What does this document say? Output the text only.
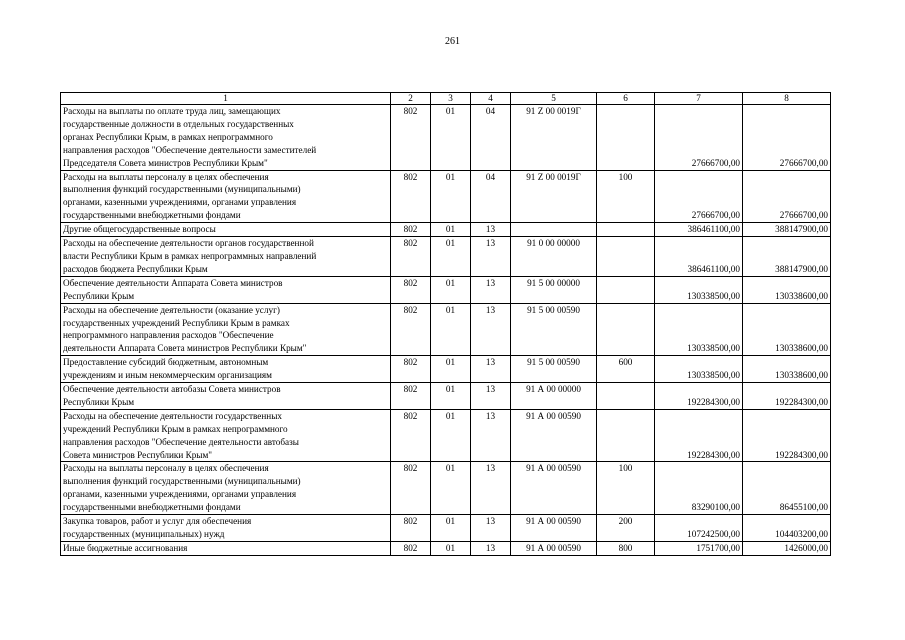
261
1	2	3	4	5	6	7	8

Расходы на выплаты по оплате труда лиц, замещающих
государственные должности в отдельных государственных
органах Республики Крым, в рамках непрограммного
направления расходов "Обеспечение деятельности заместителей
Председателя Совета министров Республики Крым"	802	01	04	91 Z 00 0019Г		27666700,00	27666700,00

Расходы на выплаты персоналу в целях обеспечения
выполнения функций государственными (муниципальными)
органами, казенными учреждениями, органами управления
государственными внебюджетными фондами	802	01	04	91 Z 00 0019Г	100	27666700,00	27666700,00

Другие общегосударственные вопросы	802	01	13			386461100,00	388147900,00

Расходы на обеспечение деятельности органов государственной
власти Республики Крым в рамках непрограммных направлений
расходов бюджета Республики Крым	802	01	13	91 0 00 00000		386461100,00	388147900,00

Обеспечение деятельности Аппарата Совета министров
Республики Крым	802	01	13	91 5 00 00000		130338500,00	130338600,00

Расходы на обеспечение деятельности (оказание услуг)
государственных учреждений Республики Крым в рамках
непрограммного направления расходов "Обеспечение
деятельности Аппарата Совета министров Республики Крым"	802	01	13	91 5 00 00590		130338500,00	130338600,00

Предоставление субсидий бюджетным, автономным
учреждениям и иным некоммерческим организациям	802	01	13	91 5 00 00590	600	130338500,00	130338600,00

Обеспечение деятельности автобазы Совета министров
Республики Крым	802	01	13	91 А 00 00000		192284300,00	192284300,00

Расходы на обеспечение деятельности государственных
учреждений Республики Крым в рамках непрограммного
направления расходов "Обеспечение деятельности автобазы
Совета министров Республики Крым"	802	01	13	91 А 00 00590		192284300,00	192284300,00

Расходы на выплаты персоналу в целях обеспечения
выполнения функций государственными (муниципальными)
органами, казенными учреждениями, органами управления
государственными внебюджетными фондами	802	01	13	91 А 00 00590	100	83290100,00	86455100,00

Закупка товаров, работ и услуг для обеспечения
государственных (муниципальных) нужд	802	01	13	91 А 00 00590	200	107242500,00	104403200,00

Иные бюджетные ассигнования	802	01	13	91 А 00 00590	800	1751700,00	1426000,00
